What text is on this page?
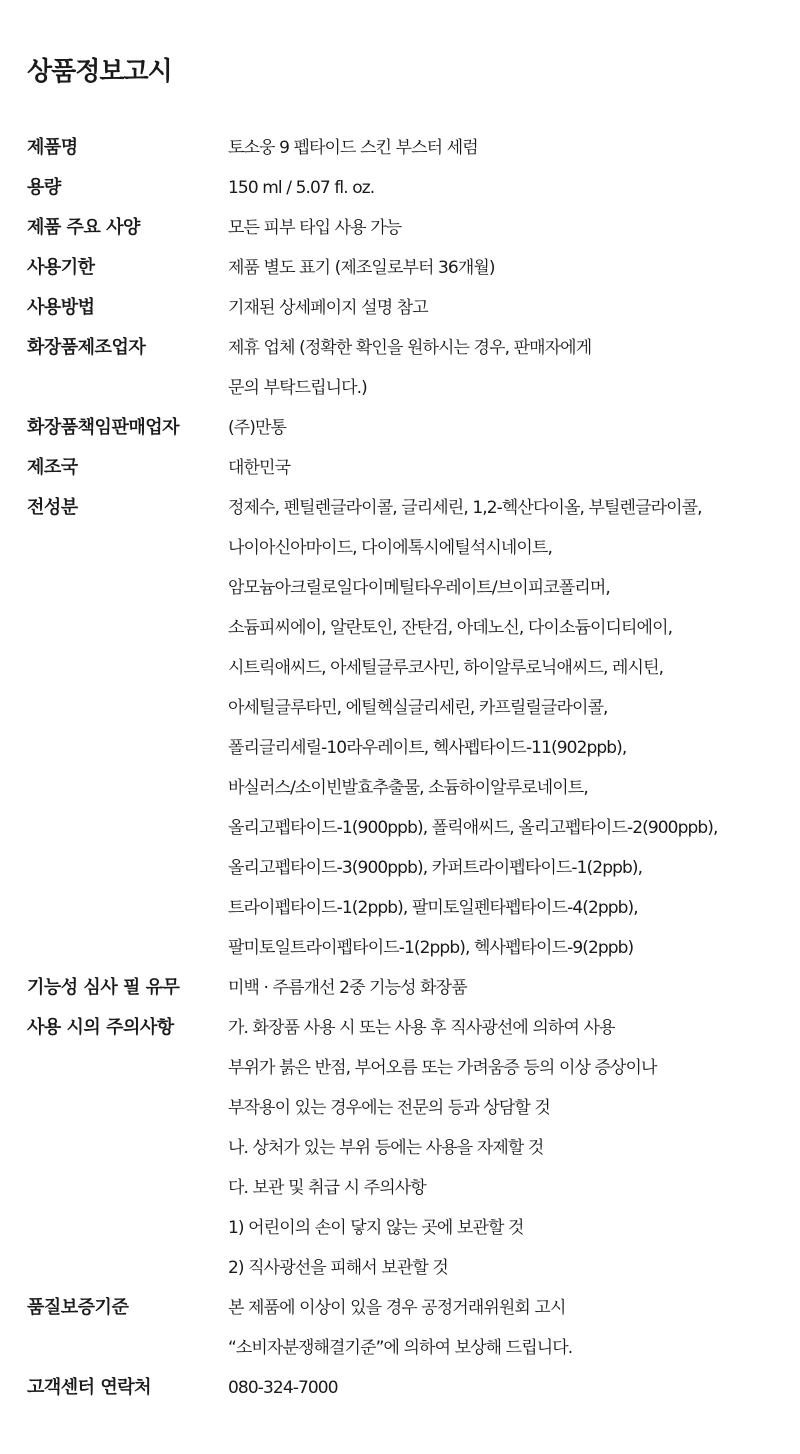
상품정보고시
제품명	토소웅 9 펩타이드 스킨 부스터 세럼
용량	150 ml / 5.07 fl. oz.
제품 주요 사양	모든 피부 타입 사용 가능
사용기한	제품 별도 표기 (제조일로부터 36개월)
사용방법	기재된 상세페이지 설명 참고
화장품제조업자	제휴 업체 (정확한 확인을 원하시는 경우, 판매자에게
문의 부탁드립니다.)
화장품책임판매업자	(주)만통
제조국	대한민국
전성분	정제수, 펜틸렌글라이콜, 글리세린, 1,2-헥산다이올, 부틸렌글라이콜,
나이아신아마이드, 다이에톡시에틸석시네이트,
암모늄아크릴로일다이메틸타우레이트/브이피코폴리머,
소듐피씨에이, 알란토인, 잔탄검, 아데노신, 다이소듐이디티에이,
시트릭애씨드, 아세틸글루코사민, 하이알루로닉애씨드, 레시틴,
아세틸글루타민, 에틸헥실글리세린, 카프릴릴글라이콜,
폴리글리세릴-10라우레이트, 헥사펩타이드-11(902ppb),
바실러스/소이빈발효추출물, 소듐하이알루로네이트,
올리고펩타이드-1(900ppb), 폴릭애씨드, 올리고펩타이드-2(900ppb),
올리고펩타이드-3(900ppb), 카퍼트라이펩타이드-1(2ppb),
트라이펩타이드-1(2ppb), 팔미토일펜타펩타이드-4(2ppb),
팔미토일트라이펩타이드-1(2ppb), 헥사펩타이드-9(2ppb)
기능성 심사 필 유무	미백 · 주름개선 2중 기능성 화장품
사용 시의 주의사항	가. 화장품 사용 시 또는 사용 후 직사광선에 의하여 사용
부위가 붉은 반점, 부어오름 또는 가려움증 등의 이상 증상이나
부작용이 있는 경우에는 전문의 등과 상담할 것
나. 상처가 있는 부위 등에는 사용을 자제할 것
다. 보관 및 취급 시 주의사항
1) 어린이의 손이 닿지 않는 곳에 보관할 것
2) 직사광선을 피해서 보관할 것
품질보증기준	본 제품에 이상이 있을 경우 공정거래위원회 고시
“소비자분쟁해결기준”에 의하여 보상해 드립니다.
고객센터 연락처	080-324-7000
